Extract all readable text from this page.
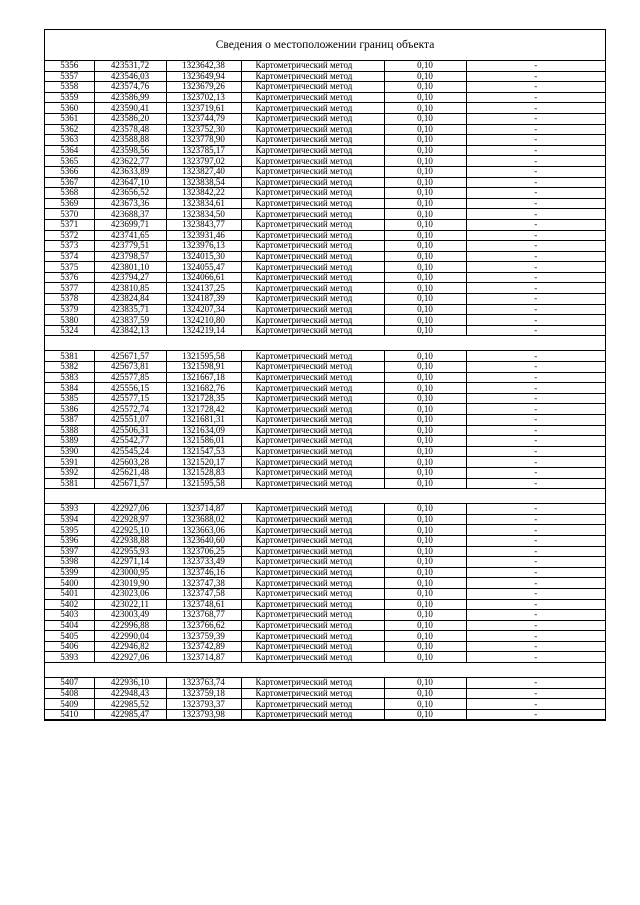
Сведения о местоположении границ объекта
5356	423531,72	1323642,38	Картометрический метод	0,10	-
5357	423546,03	1323649,94	Картометрический метод	0,10	-
5358	423574,76	1323679,26	Картометрический метод	0,10	-
5359	423586,99	1323702,13	Картометрический метод	0,10	-
5360	423590,41	1323719,61	Картометрический метод	0,10	-
5361	423586,20	1323744,79	Картометрический метод	0,10	-
5362	423578,48	1323752,30	Картометрический метод	0,10	-
5363	423588,88	1323778,90	Картометрический метод	0,10	-
5364	423598,56	1323785,17	Картометрический метод	0,10	-
5365	423622,77	1323797,02	Картометрический метод	0,10	-
5366	423633,89	1323827,40	Картометрический метод	0,10	-
5367	423647,10	1323838,54	Картометрический метод	0,10	-
5368	423656,52	1323842,22	Картометрический метод	0,10	-
5369	423673,36	1323834,61	Картометрический метод	0,10	-
5370	423688,37	1323834,50	Картометрический метод	0,10	-
5371	423699,71	1323843,77	Картометрический метод	0,10	-
5372	423741,65	1323931,46	Картометрический метод	0,10	-
5373	423779,51	1323976,13	Картометрический метод	0,10	-
5374	423798,57	1324015,30	Картометрический метод	0,10	-
5375	423801,10	1324055,47	Картометрический метод	0,10	-
5376	423794,27	1324066,61	Картометрический метод	0,10	-
5377	423810,85	1324137,25	Картометрический метод	0,10	-
5378	423824,84	1324187,39	Картометрический метод	0,10	-
5379	423835,71	1324207,34	Картометрический метод	0,10	-
5380	423837,59	1324210,80	Картометрический метод	0,10	-
5324	423842,13	1324219,14	Картометрический метод	0,10	-

5381	425671,57	1321595,58	Картометрический метод	0,10	-
5382	425673,81	1321598,91	Картометрический метод	0,10	-
5383	425577,85	1321667,18	Картометрический метод	0,10	-
5384	425556,15	1321682,76	Картометрический метод	0,10	-
5385	425577,15	1321728,35	Картометрический метод	0,10	-
5386	425572,74	1321728,42	Картометрический метод	0,10	-
5387	425551,07	1321681,31	Картометрический метод	0,10	-
5388	425506,31	1321634,09	Картометрический метод	0,10	-
5389	425542,77	1321586,01	Картометрический метод	0,10	-
5390	425545,24	1321547,53	Картометрический метод	0,10	-
5391	425603,28	1321520,17	Картометрический метод	0,10	-
5392	425621,48	1321528,83	Картометрический метод	0,10	-
5381	425671,57	1321595,58	Картометрический метод	0,10	-

5393	422927,06	1323714,87	Картометрический метод	0,10	-
5394	422928,97	1323688,02	Картометрический метод	0,10	-
5395	422925,10	1323663,06	Картометрический метод	0,10	-
5396	422938,88	1323640,60	Картометрический метод	0,10	-
5397	422955,93	1323706,25	Картометрический метод	0,10	-
5398	422971,14	1323733,49	Картометрический метод	0,10	-
5399	423000,95	1323746,16	Картометрический метод	0,10	-
5400	423019,90	1323747,38	Картометрический метод	0,10	-
5401	423023,06	1323747,58	Картометрический метод	0,10	-
5402	423022,11	1323748,61	Картометрический метод	0,10	-
5403	423003,49	1323768,77	Картометрический метод	0,10	-
5404	422996,88	1323766,62	Картометрический метод	0,10	-
5405	422990,04	1323759,39	Картометрический метод	0,10	-
5406	422946,82	1323742,89	Картометрический метод	0,10	-
5393	422927,06	1323714,87	Картометрический метод	0,10	-

5407	422936,10	1323763,74	Картометрический метод	0,10	-
5408	422948,43	1323759,18	Картометрический метод	0,10	-
5409	422985,52	1323793,37	Картометрический метод	0,10	-
5410	422985,47	1323793,98	Картометрический метод	0,10	-
